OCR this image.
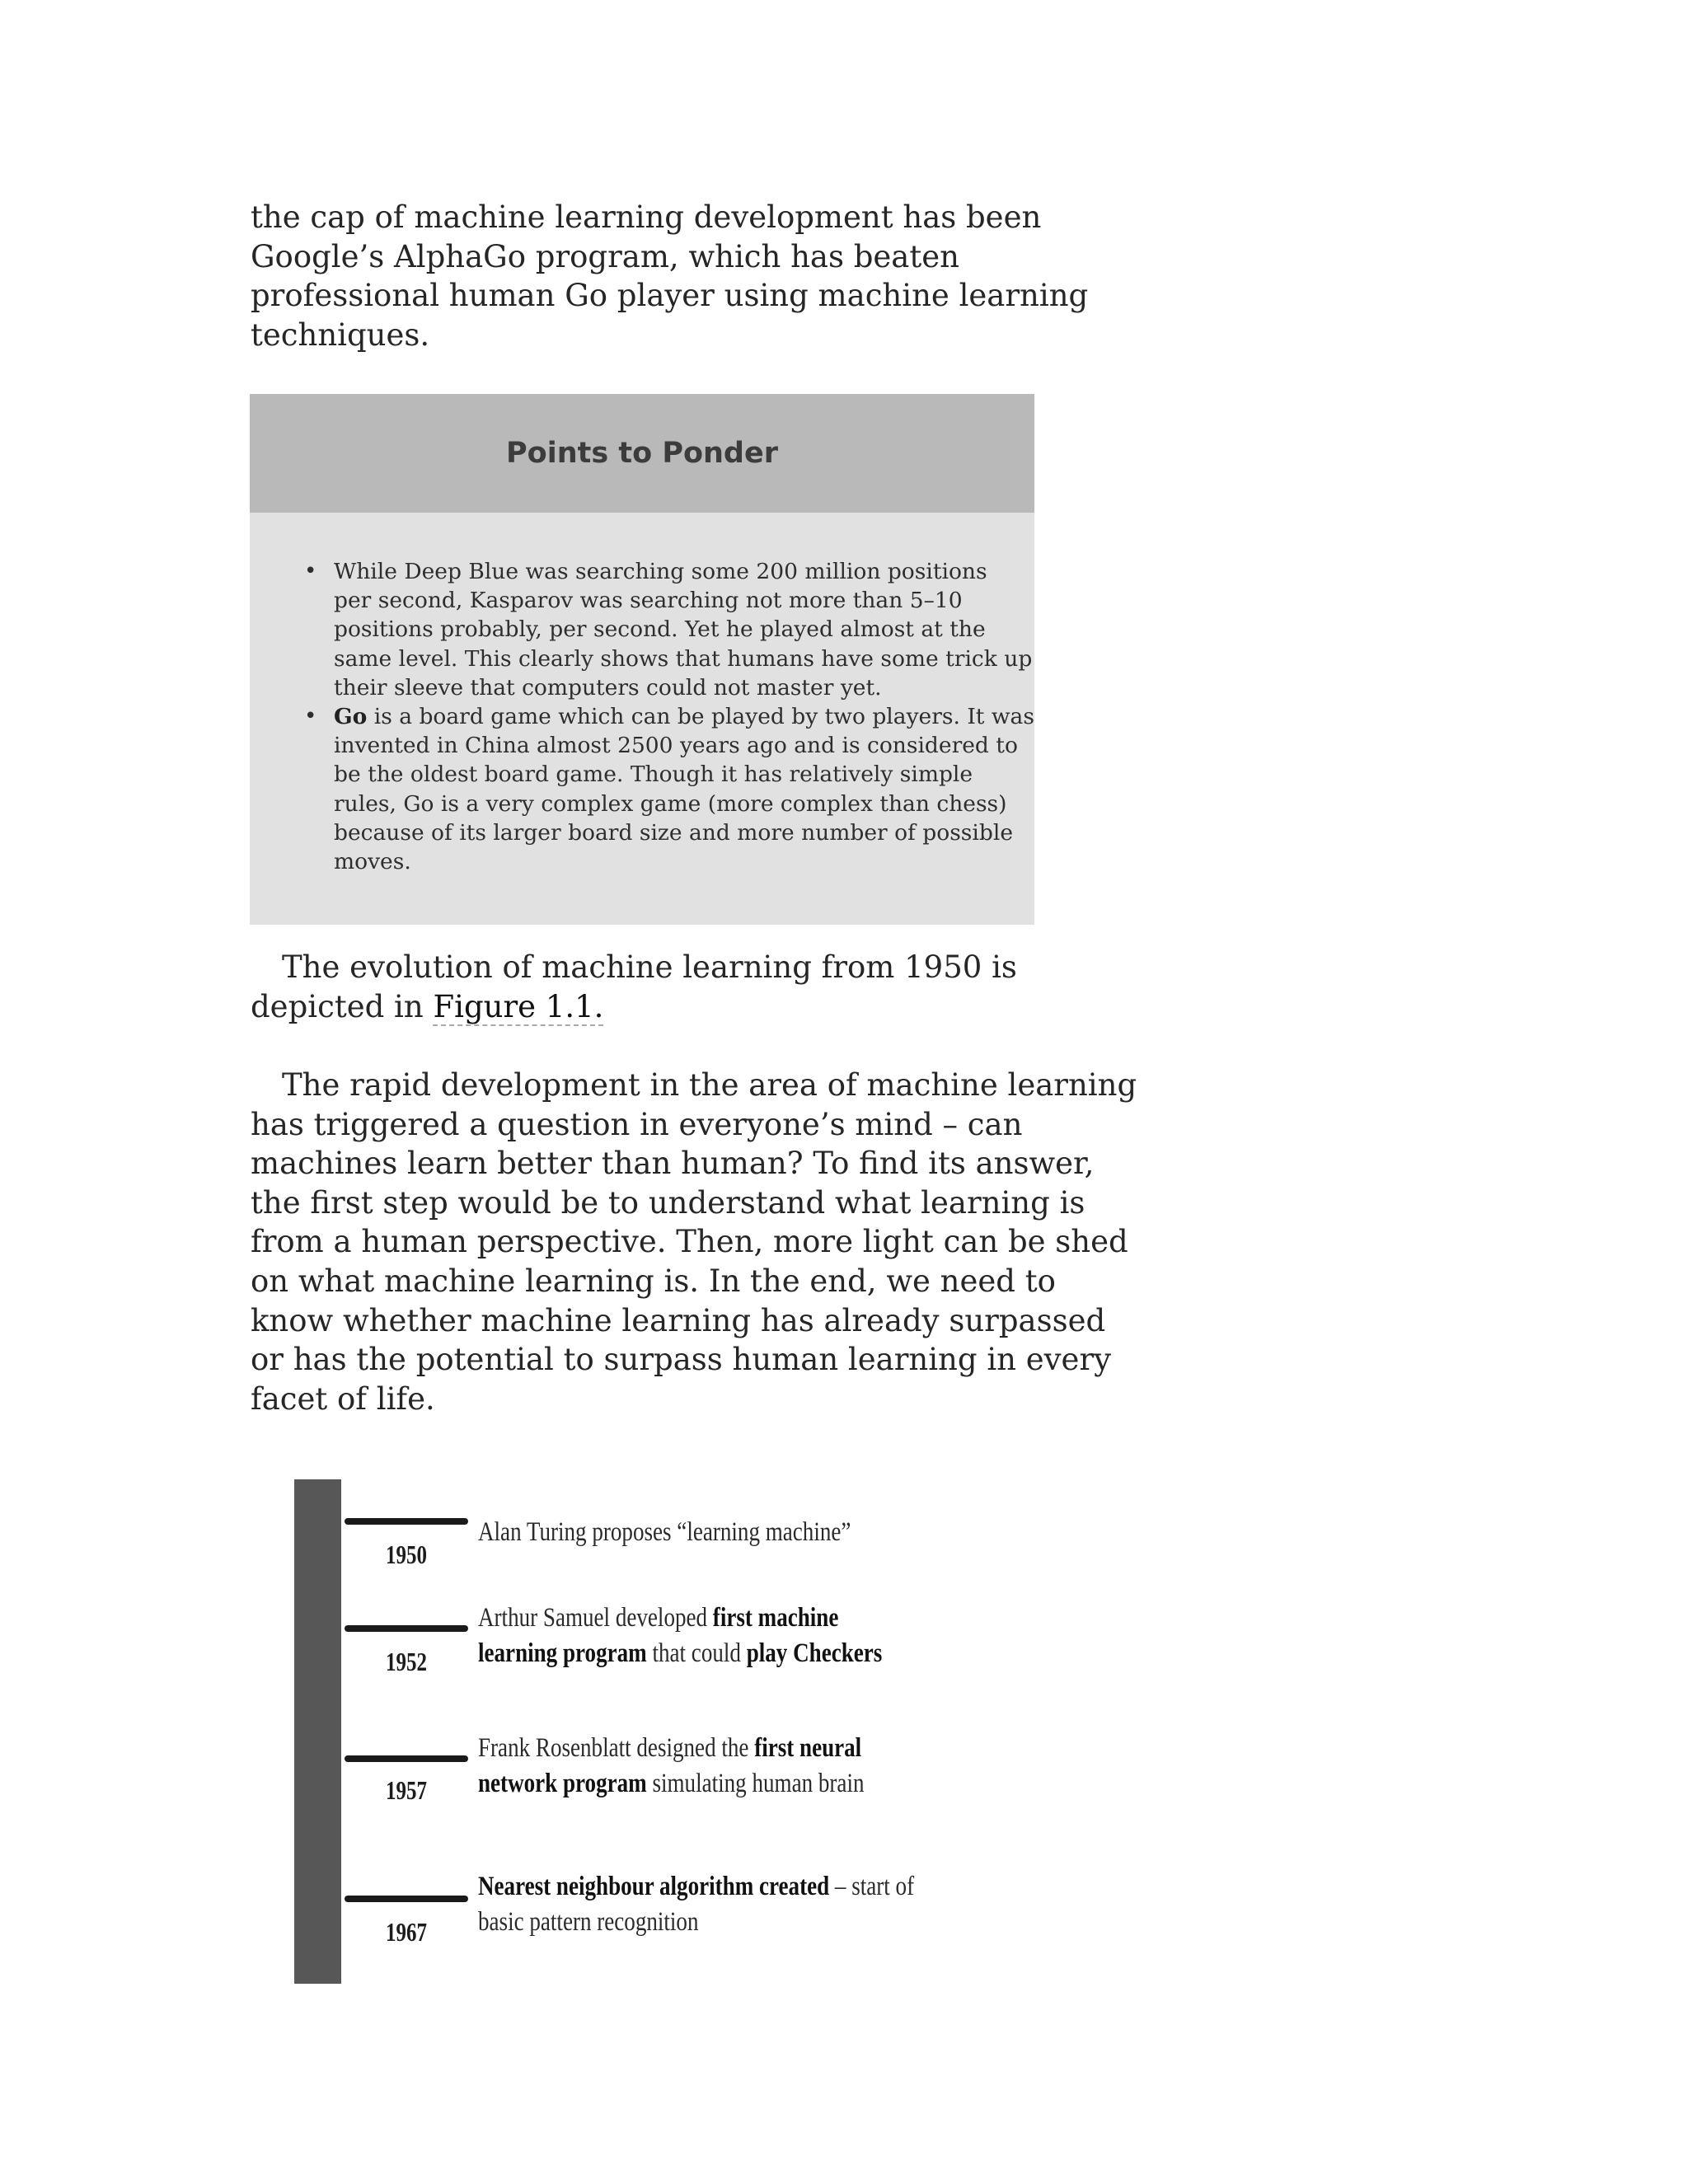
the cap of machine learning development has been
Google’s AlphaGo program, which has beaten
professional human Go player using machine learning
techniques.
Points to Ponder
• While Deep Blue was searching some 200 million positions
per second, Kasparov was searching not more than 5–10
positions probably, per second. Yet he played almost at the
same level. This clearly shows that humans have some trick up
their sleeve that computers could not master yet.
• Go is a board game which can be played by two players. It was
invented in China almost 2500 years ago and is considered to
be the oldest board game. Though it has relatively simple
rules, Go is a very complex game (more complex than chess)
because of its larger board size and more number of possible
moves.
The evolution of machine learning from 1950 is
depicted in Figure 1.1.
The rapid development in the area of machine learning
has triggered a question in everyone’s mind – can
machines learn better than human? To find its answer,
the first step would be to understand what learning is
from a human perspective. Then, more light can be shed
on what machine learning is. In the end, we need to
know whether machine learning has already surpassed
or has the potential to surpass human learning in every
facet of life.
1950
Alan Turing proposes “learning machine”
1952
Arthur Samuel developed first machine
learning program that could play Checkers
1957
Frank Rosenblatt designed the first neural
network program simulating human brain
1967
Nearest neighbour algorithm created – start of
basic pattern recognition
